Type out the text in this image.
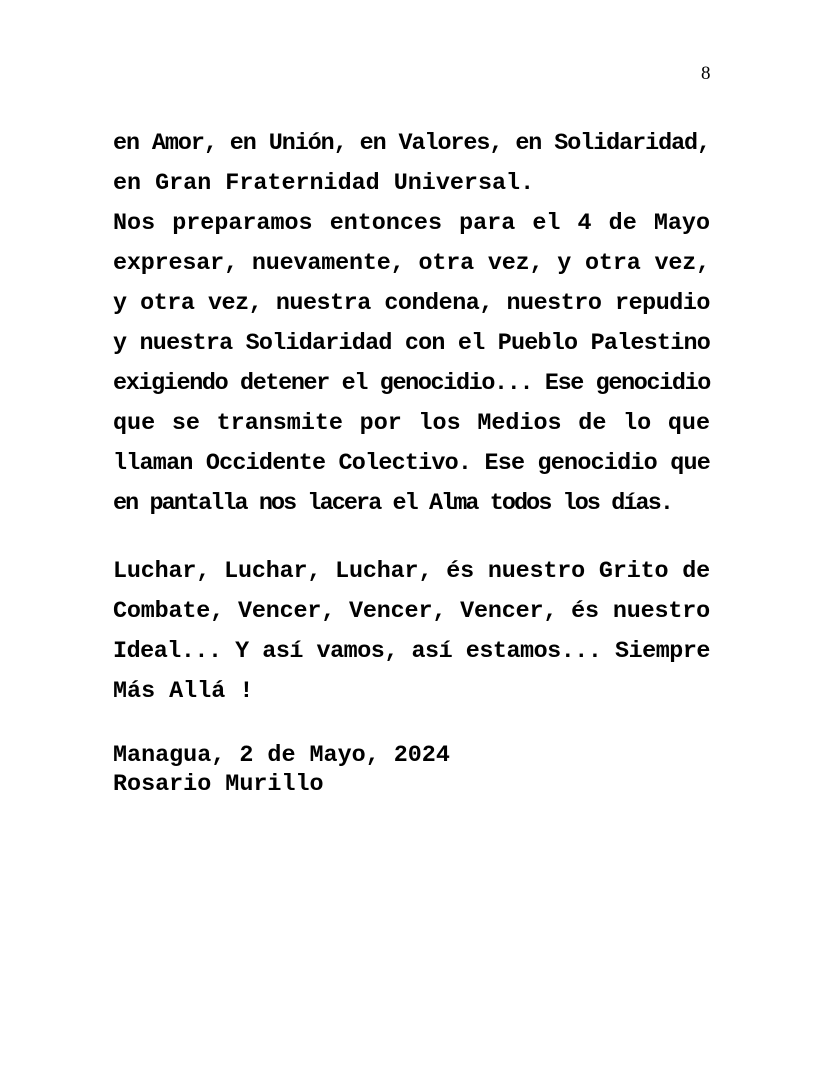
8
en Amor, en Unión, en Valores, en Solidaridad,
en Gran Fraternidad Universal.
Nos preparamos entonces para el 4 de Mayo
expresar, nuevamente, otra vez, y otra vez,
y otra vez, nuestra condena, nuestro repudio
y nuestra Solidaridad con el Pueblo Palestino
exigiendo detener el genocidio... Ese genocidio
que se transmite por los Medios de lo que
llaman Occidente Colectivo. Ese genocidio que
en pantalla nos lacera el Alma todos los días.
Luchar, Luchar, Luchar, és nuestro Grito de
Combate, Vencer, Vencer, Vencer, és nuestro
Ideal... Y así vamos, así estamos... Siempre
Más Allá !
Managua, 2 de Mayo, 2024
Rosario Murillo
